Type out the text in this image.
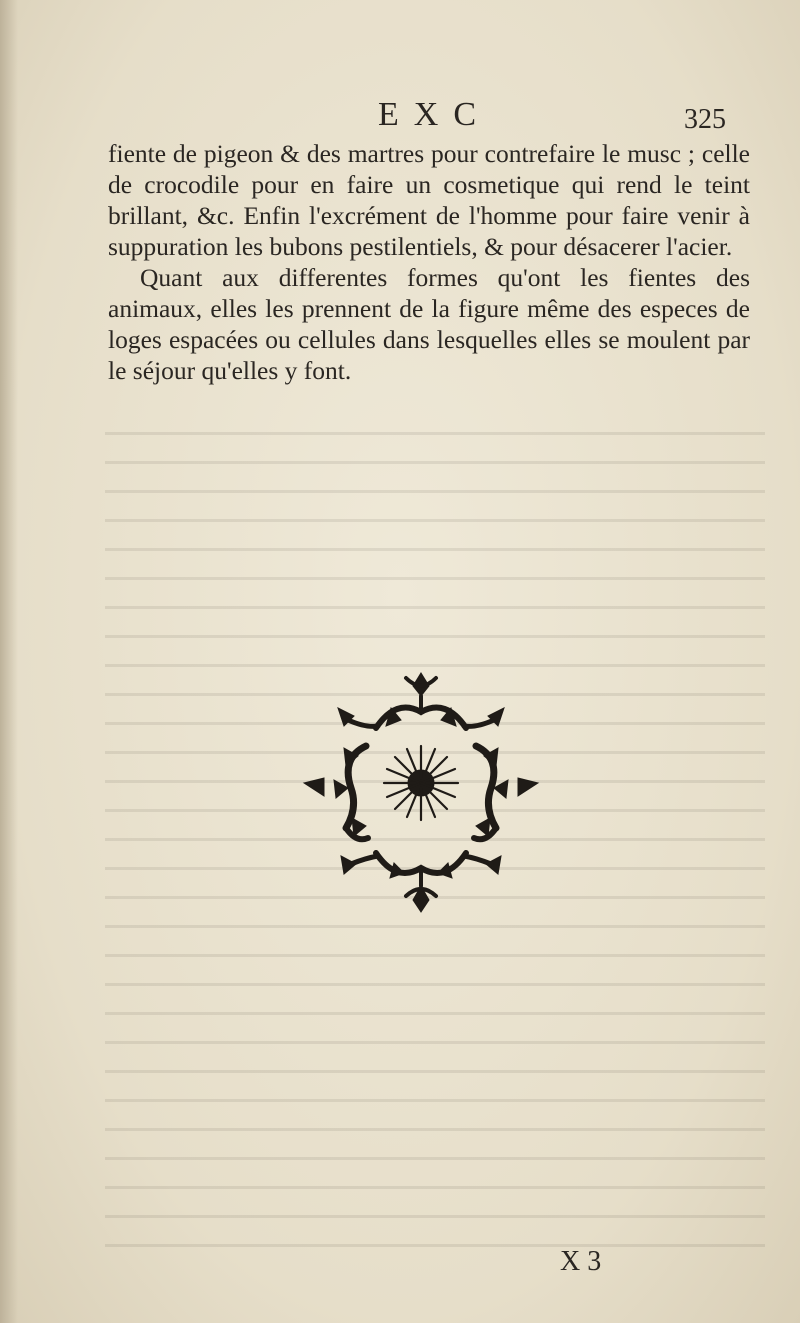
EXC	325

fiente de pigeon & des martres pour contrefaire le musc ; celle de crocodile pour en faire un cosmetique qui rend le teint brillant, &c. Enfin l'excrément de l'homme pour faire venir à suppuration les bubons pestilentiels, & pour désacerer l'acier.

Quant aux differentes formes qu'ont les fientes des animaux, elles les prennent de la figure même des especes de loges espacées ou cellules dans lesquelles elles se moulent par le séjour qu'elles y font.

X 3
